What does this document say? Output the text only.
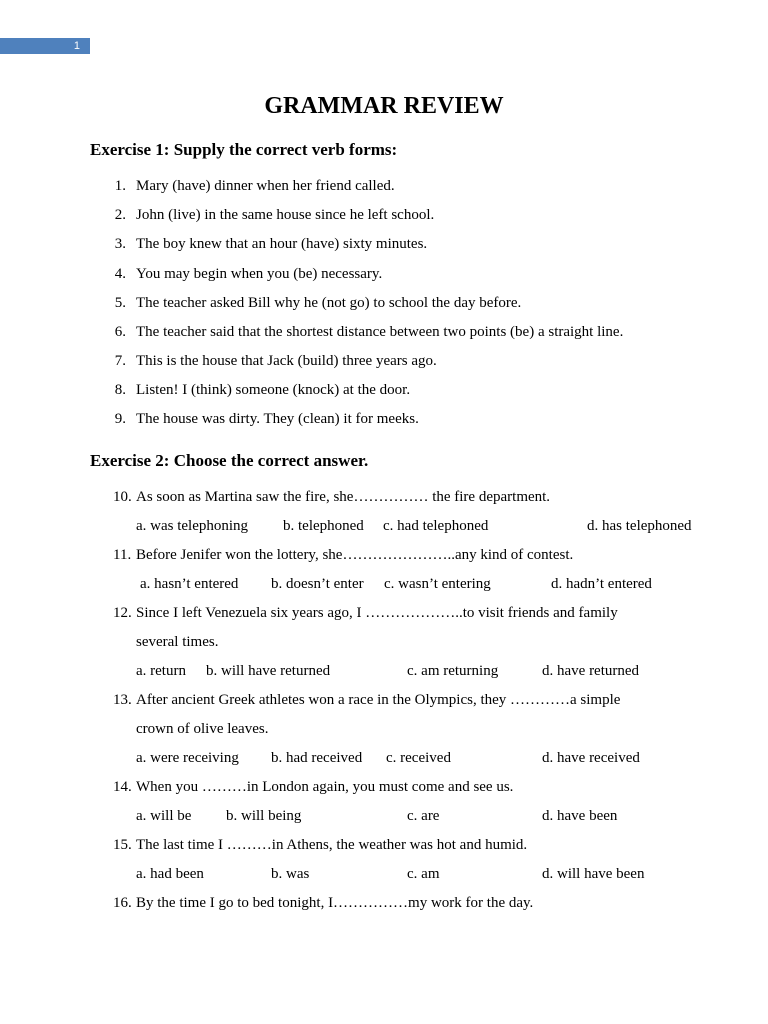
1
GRAMMAR REVIEW
Exercise 1: Supply the correct verb forms:
1. Mary (have) dinner when her friend called.
2. John (live) in the same house since he left school.
3. The boy knew that an hour (have) sixty minutes.
4. You may begin when you (be) necessary.
5. The teacher asked Bill why he (not go) to school the day before.
6. The teacher said that the shortest distance between two points (be) a straight line.
7. This is the house that Jack (build) three years ago.
8. Listen! I (think) someone (knock) at the door.
9. The house was dirty. They (clean) it for meeks.
Exercise 2: Choose the correct answer.
10. As soon as Martina saw the fire, she…………… the fire department.
a. was telephoning b. telephoned c. had telephoned	d. has telephoned
11. Before Jenifer won the lottery, she…………………..any kind of contest.
a. hasn’t entered b. doesn’t enter c. wasn’t entering	d. hadn’t entered
12. Since I left Venezuela six years ago, I ………………..to visit friends and family
several times.
a. return b. will have returned	c. am returning	d. have returned
13. After ancient Greek athletes won a race in the Olympics, they …………a simple
crown of olive leaves.
a. were receiving b. had received c. received	d. have received
14. When you ………in London again, you must come and see us.
a. will be b. will being	c. are	d. have been
15. The last time I ………in Athens, the weather was hot and humid.
a. had been	b. was	c. am	d. will have been
16. By the time I go to bed tonight, I……………my work for the day.
